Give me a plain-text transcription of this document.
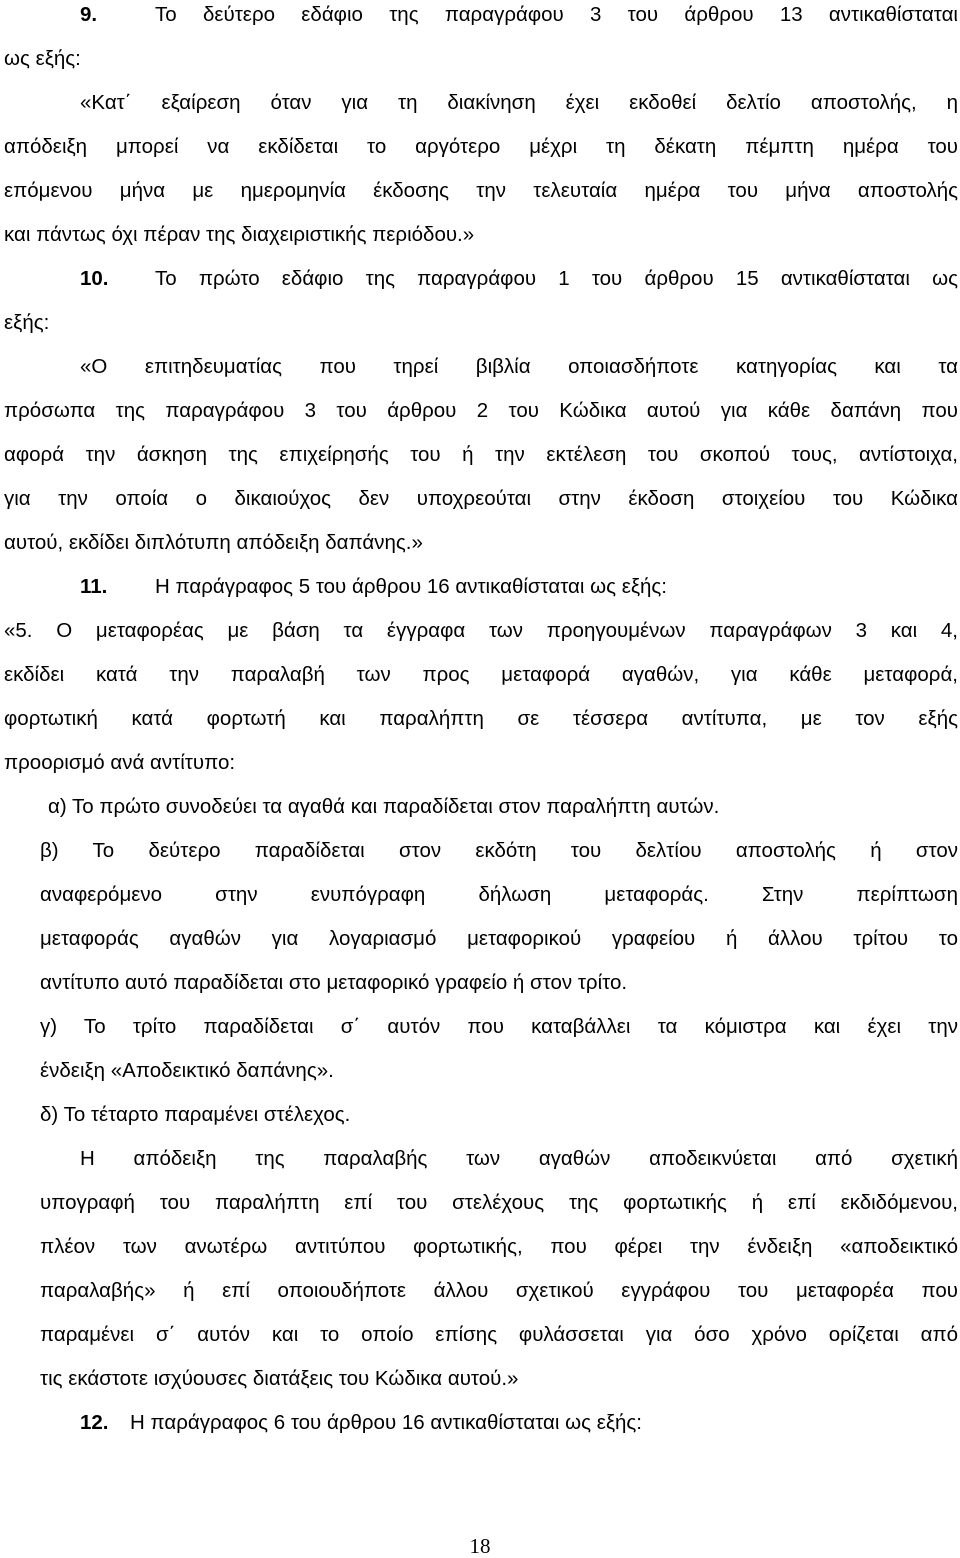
9.	Το δεύτερο εδάφιο της παραγράφου 3 του άρθρου 13 αντικαθίσταται
ως εξής:
«Κατ΄ εξαίρεση όταν για τη διακίνηση έχει εκδοθεί δελτίο αποστολής, η
απόδειξη μπορεί να εκδίδεται το αργότερο μέχρι τη δέκατη πέμπτη ημέρα του
επόμενου μήνα με ημερομηνία έκδοσης την τελευταία ημέρα του μήνα αποστολής
και πάντως όχι πέραν της διαχειριστικής περιόδου.»
10. Το πρώτο εδάφιο της παραγράφου 1 του άρθρου 15 αντικαθίσταται ως
εξής:
«Ο επιτηδευματίας που τηρεί βιβλία οποιασδήποτε κατηγορίας και τα
πρόσωπα της παραγράφου 3 του άρθρου 2 του Κώδικα αυτού για κάθε δαπάνη που
αφορά την άσκηση της επιχείρησής του ή την εκτέλεση του σκοπού τους, αντίστοιχα,
για την οποία ο δικαιούχος δεν υποχρεούται στην έκδοση στοιχείου του Κώδικα
αυτού, εκδίδει διπλότυπη απόδειξη δαπάνης.»
11. Η παράγραφος 5 του άρθρου 16 αντικαθίσταται ως εξής:
«5. Ο μεταφορέας με βάση τα έγγραφα των προηγουμένων παραγράφων 3 και 4,
εκδίδει κατά την παραλαβή των προς μεταφορά αγαθών, για κάθε μεταφορά,
φορτωτική κατά φορτωτή και παραλήπτη σε τέσσερα αντίτυπα, με τον εξής
προορισμό ανά αντίτυπο:
α) Το πρώτο συνοδεύει τα αγαθά και παραδίδεται στον παραλήπτη αυτών.
β) Το δεύτερο παραδίδεται στον εκδότη του δελτίου αποστολής ή στον
αναφερόμενο στην ενυπόγραφη δήλωση μεταφοράς. Στην περίπτωση
μεταφοράς αγαθών για λογαριασμό μεταφορικού γραφείου ή άλλου τρίτου το
αντίτυπο αυτό παραδίδεται στο μεταφορικό γραφείο ή στον τρίτο.
γ) Το τρίτο παραδίδεται σ΄ αυτόν που καταβάλλει τα κόμιστρα και έχει την
ένδειξη «Αποδεικτικό δαπάνης».
δ) Το τέταρτο παραμένει στέλεχος.
Η απόδειξη της παραλαβής των αγαθών αποδεικνύεται από σχετική
υπογραφή του παραλήπτη επί του στελέχους της φορτωτικής ή επί εκδιδόμενου,
πλέον των ανωτέρω αντιτύπου φορτωτικής, που φέρει την ένδειξη «αποδεικτικό
παραλαβής» ή επί οποιουδήποτε άλλου σχετικού εγγράφου του μεταφορέα που
παραμένει σ΄ αυτόν και το οποίο επίσης φυλάσσεται για όσο χρόνο ορίζεται από
τις εκάστοτε ισχύουσες διατάξεις του Κώδικα αυτού.»
12. Η παράγραφος 6 του άρθρου 16 αντικαθίσταται ως εξής:
18
